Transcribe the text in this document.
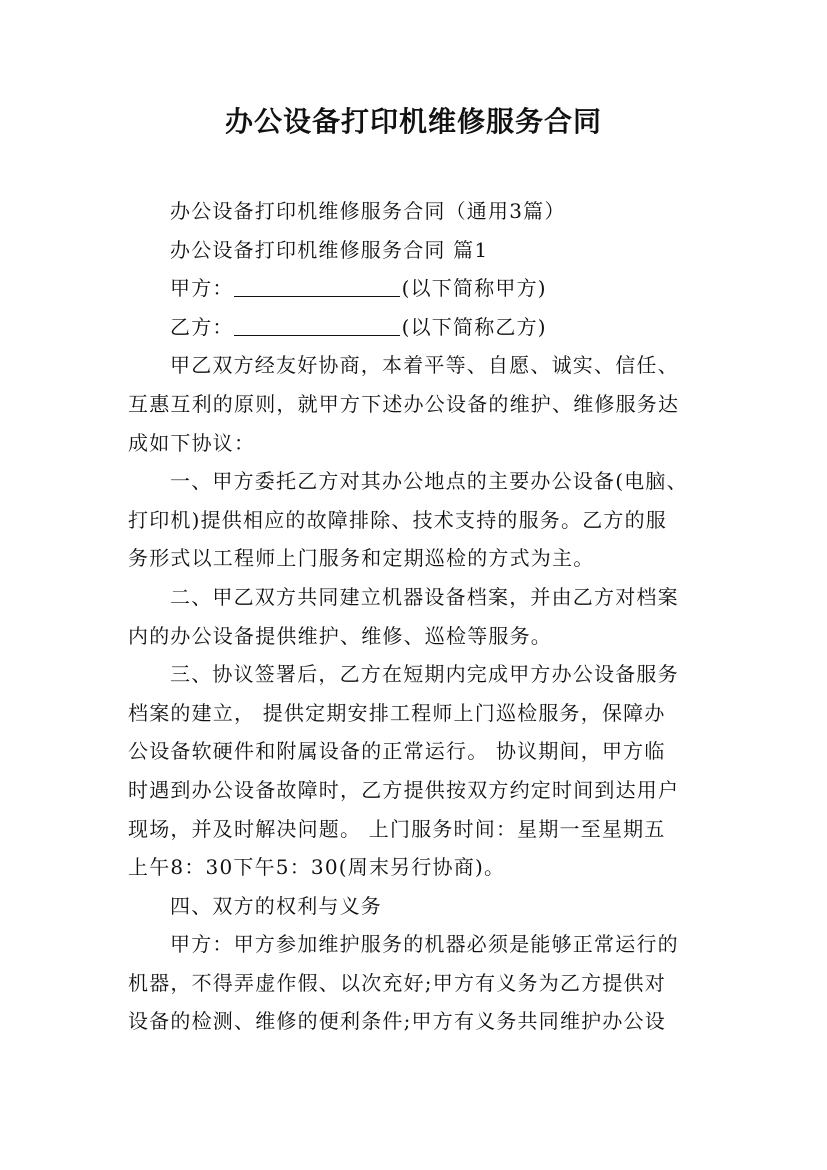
办公设备打印机维修服务合同
办公设备打印机维修服务合同（通用3篇）
办公设备打印机维修服务合同 篇1
甲方：	(以下简称甲方)
乙方：	(以下简称乙方)
甲乙双方经友好协商，本着平等、自愿、诚实、信任、
互惠互利的原则，就甲方下述办公设备的维护、维修服务达
成如下协议：
一、甲方委托乙方对其办公地点的主要办公设备(电脑、
打印机)提供相应的故障排除、技术支持的服务。乙方的服
务形式以工程师上门服务和定期巡检的方式为主。
二、甲乙双方共同建立机器设备档案，并由乙方对档案
内的办公设备提供维护、维修、巡检等服务。
三、协议签署后，乙方在短期内完成甲方办公设备服务
档案的建立， 提供定期安排工程师上门巡检服务，保障办
公设备软硬件和附属设备的正常运行。 协议期间，甲方临
时遇到办公设备故障时，乙方提供按双方约定时间到达用户
现场，并及时解决问题。 上门服务时间：星期一至星期五
上午8：30下午5：30(周末另行协商)。
四、双方的权利与义务
甲方：甲方参加维护服务的机器必须是能够正常运行的
机器，不得弄虚作假、以次充好;甲方有义务为乙方提供对
设备的检测、维修的便利条件;甲方有义务共同维护办公设
